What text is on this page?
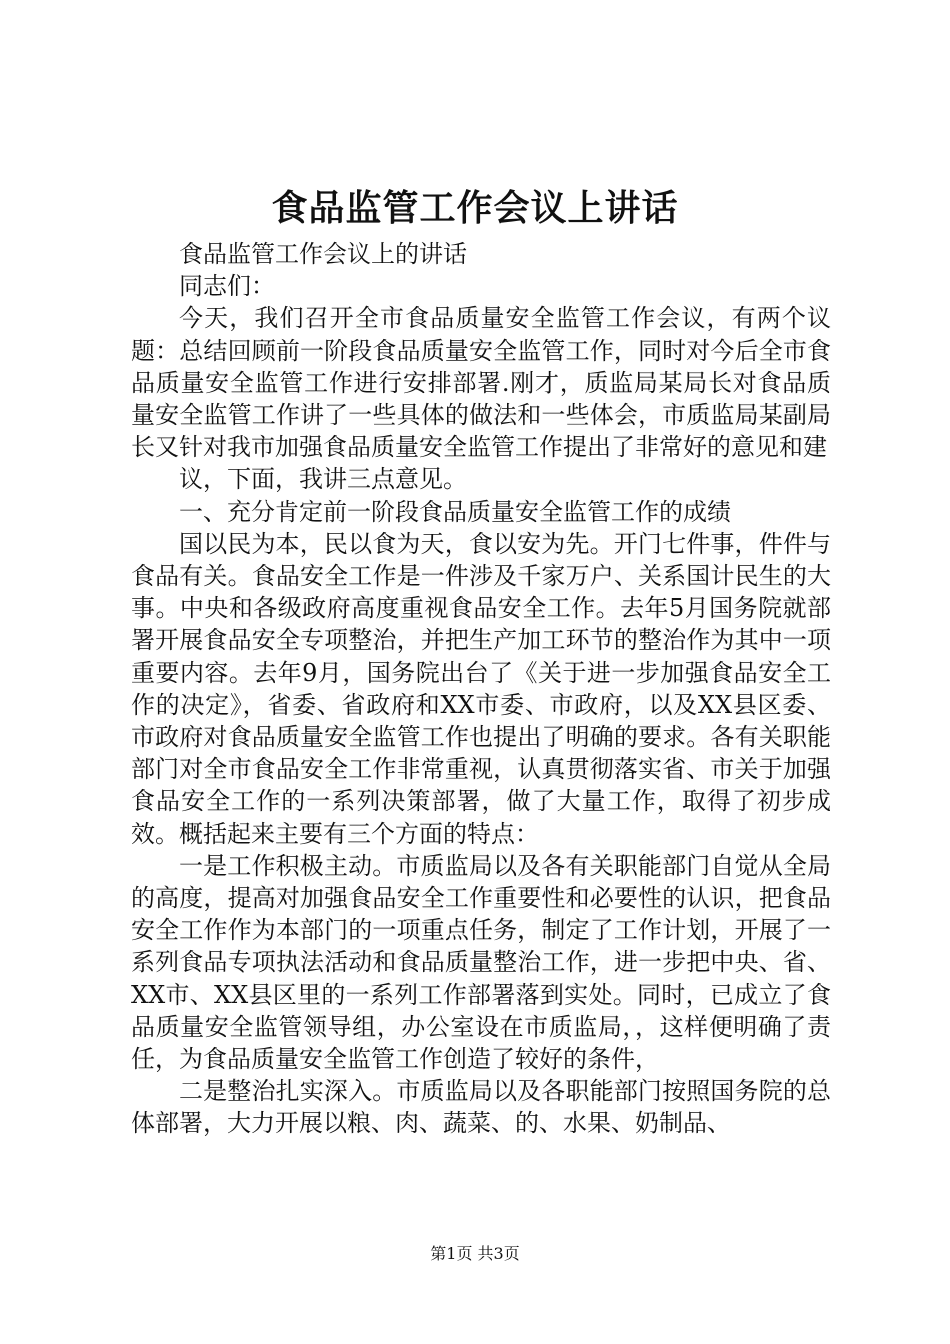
食品监管工作会议上讲话

食品监管工作会议上的讲话

同志们：

今天，我们召开全市食品质量安全监管工作会议，有两个议题：总结回顾前一阶段食品质量安全监管工作，同时对今后全市食品质量安全监管工作进行安排部署.刚才，质监局某局长对食品质量安全监管工作讲了一些具体的做法和一些体会，市质监局某副局长又针对我市加强食品质量安全监管工作提出了非常好的意见和建

议，下面，我讲三点意见。

一、充分肯定前一阶段食品质量安全监管工作的成绩

国以民为本，民以食为天，食以安为先。开门七件事，件件与食品有关。食品安全工作是一件涉及千家万户、关系国计民生的大事。中央和各级政府高度重视食品安全工作。去年5月国务院就部署开展食品安全专项整治，并把生产加工环节的整治作为其中一项重要内容。去年9月，国务院出台了《关于进一步加强食品安全工作的决定》，省委、省政府和XX市委、市政府，以及XX县区委、市政府对食品质量安全监管工作也提出了明确的要求。各有关职能部门对全市食品安全工作非常重视，认真贯彻落实省、市关于加强食品安全工作的一系列决策部署，做了大量工作，取得了初步成效。概括起来主要有三个方面的特点：

一是工作积极主动。市质监局以及各有关职能部门自觉从全局的高度，提高对加强食品安全工作重要性和必要性的认识，把食品安全工作作为本部门的一项重点任务，制定了工作计划，开展了一系列食品专项执法活动和食品质量整治工作，进一步把中央、省、XX市、XX县区里的一系列工作部署落到实处。同时，已成立了食品质量安全监管领导组，办公室设在市质监局，，这样便明确了责任，为食品质量安全监管工作创造了较好的条件，

二是整治扎实深入。市质监局以及各职能部门按照国务院的总体部署，大力开展以粮、肉、蔬菜、的、水果、奶制品、

第1页 共3页
